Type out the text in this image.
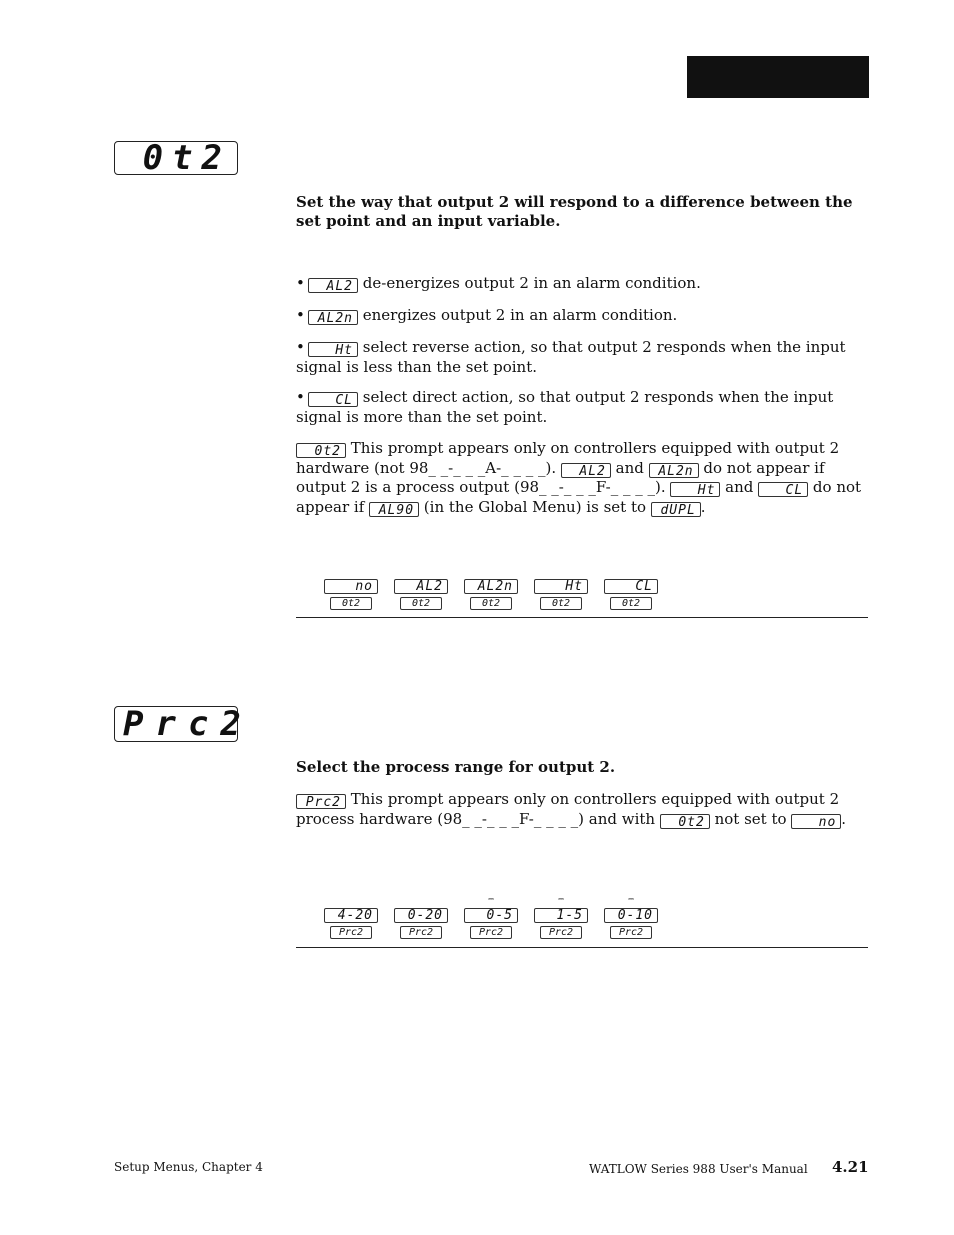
0t2

Set the way that output 2 will respond to a difference between the set point and an input variable.

• AL2 de-energizes output 2 in an alarm condition.

• AL2n energizes output 2 in an alarm condition.

• Ht select reverse action, so that output 2 responds when the input signal is less than the set point.

• CL select direct action, so that output 2 responds when the input signal is more than the set point.

0t2 This prompt appears only on controllers equipped with output 2 hardware (not 98_ _-_ _ _A-_ _ _ _). AL2 and AL2n do not appear if output 2 is a process output (98_ _-_ _ _F-_ _ _ _). Ht and CL do not appear if AL90 (in the Global Menu) is set to dUPL .

no
0t2
AL2
0t2
AL2n
0t2
Ht
0t2
CL
0t2
Prc2

Select the process range for output 2.

Prc2 This prompt appears only on controllers equipped with output 2 process hardware (98_ _-_ _ _F-_ _ _ _) and with 0t2 not set to no .

4-20
Prc2
0-20
Prc2
⎓
0-5
Prc2
⎓
1-5
Prc2
⎓
0-10
Prc2
Setup Menus, Chapter 4	WATLOW Series 988 User's Manual 4.21
